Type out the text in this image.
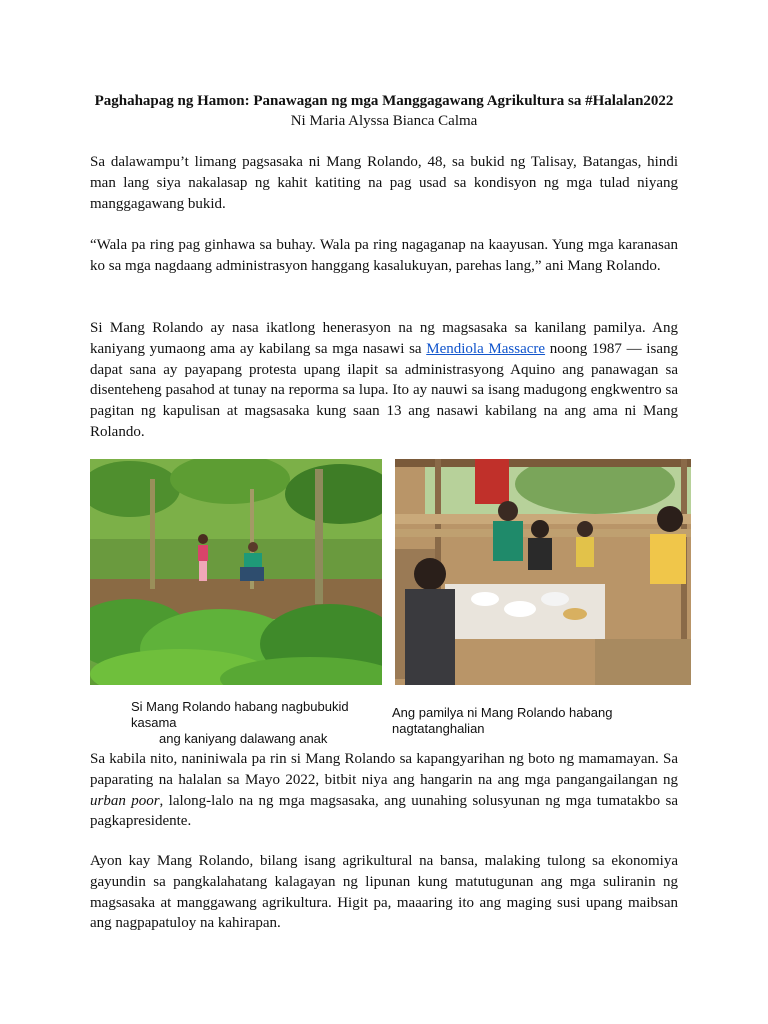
Paghahapag ng Hamon: Panawagan ng mga Manggagawang Agrikultura sa #Halalan2022
Ni Maria Alyssa Bianca Calma

Sa dalawampu’t limang pagsasaka ni Mang Rolando, 48, sa bukid ng Talisay, Batangas, hindi man lang siya nakalasap ng kahit katiting na pag usad sa kondisyon ng mga tulad niyang manggagawang bukid.

“Wala pa ring pag ginhawa sa buhay. Wala pa ring nagaganap na kaayusan. Yung mga karanasan ko sa mga nagdaang administrasyon hanggang kasalukuyan, parehas lang,” ani Mang Rolando.

Si Mang Rolando ay nasa ikatlong henerasyon na ng magsasaka sa kanilang pamilya. Ang kaniyang yumaong ama ay kabilang sa mga nasawi sa Mendiola Massacre noong 1987 — isang dapat sana ay payapang protesta upang ilapit sa administrasyong Aquino ang panawagan sa disenteheng pasahod at tunay na reporma sa lupa. Ito ay nauwi sa isang madugong engkwentro sa pagitan ng kapulisan at magsasaka kung saan 13 ang nasawi kabilang na ang ama ni Mang Rolando.

Si Mang Rolando habang nagbubukid
kasama
ang kaniyang dalawang anak
Ang pamilya ni Mang Rolando habang
nagtatanghalian

Sa kabila nito, naniniwala pa rin si Mang Rolando sa kapangyarihan ng boto ng mamamayan. Sa paparating na halalan sa Mayo 2022, bitbit niya ang hangarin na ang mga pangangailangan ng urban poor, lalong-lalo na ng mga magsasaka, ang uunahing solusyunan ng mga tumatakbo sa pagkapresidente.

Ayon kay Mang Rolando, bilang isang agrikultural na bansa, malaking tulong sa ekonomiya gayundin sa pangkalahatang kalagayan ng lipunan kung matutugunan ang mga suliranin ng magsasaka at manggawang agrikultura. Higit pa, maaaring ito ang maging susi upang maibsan ang nagpapatuloy na kahirapan.
